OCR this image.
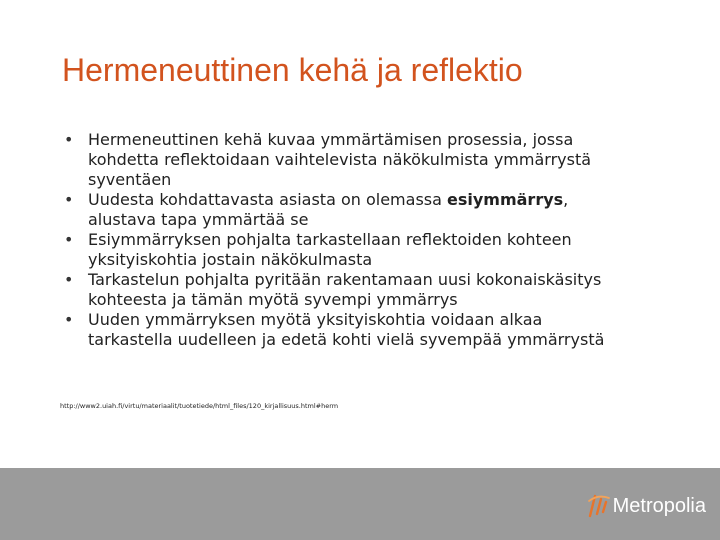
Hermeneuttinen kehä ja reflektio
• Hermeneuttinen kehä kuvaa ymmärtämisen prosessia, jossa
kohdetta reflektoidaan vaihtelevista näkökulmista ymmärrystä
syventäen
• Uudesta kohdattavasta asiasta on olemassa esiymmärrys,
alustava tapa ymmärtää se
• Esiymmärryksen pohjalta tarkastellaan reflektoiden kohteen
yksityiskohtia jostain näkökulmasta
• Tarkastelun pohjalta pyritään rakentamaan uusi kokonaiskäsitys
kohteesta ja tämän myötä syvempi ymmärrys
• Uuden ymmärryksen myötä yksityiskohtia voidaan alkaa
tarkastella uudelleen ja edetä kohti vielä syvempää ymmärrystä
http://www2.uiah.fi/virtu/materiaalit/tuotetiede/html_files/120_kirjallisuus.html#herm
Metropolia
